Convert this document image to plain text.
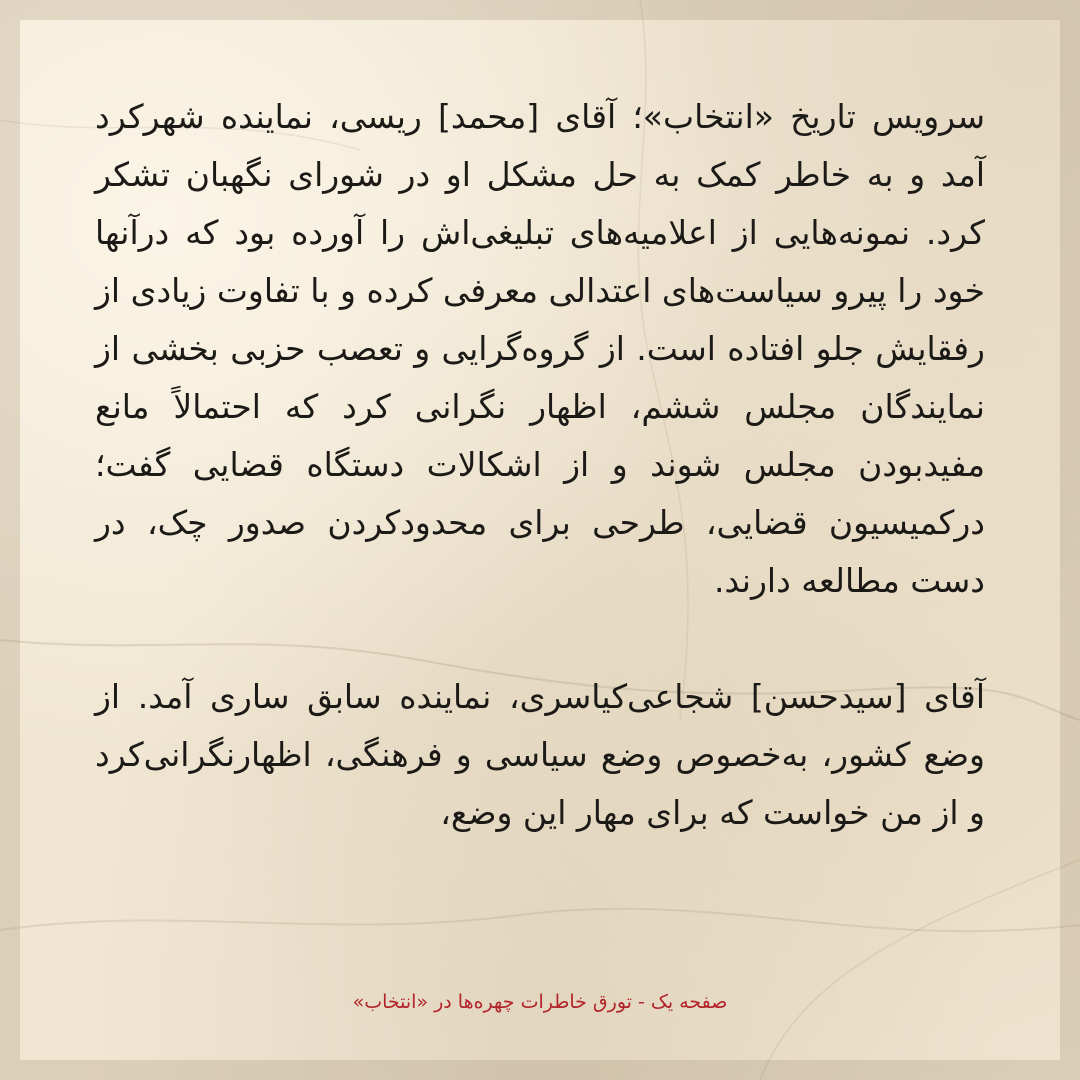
سرویس تاریخ «انتخاب»؛ آقای [محمد] ریسی، نماینده شهرکرد آمد و به خاطر کمک به حل مشکل او در شورای نگهبان تشکر کرد. نمونه‌هایی از اعلامیه‌های تبلیغی‌اش را آورده بود که درآنها خود را پیرو سیاست‌های اعتدالی معرفی کرده و با تفاوت زیادی از رفقایش جلو افتاده است. از گروه‌گرایی و تعصب حزبی بخشی از نمایندگان مجلس ششم، اظهار نگرانی کرد که احتمالاً مانع مفیدبودن مجلس شوند و از اشکالات دستگاه قضایی گفت؛ درکمیسیون قضایی، طرحی برای محدودکردن صدور چک، در دست مطالعه دارند.

آقای [سیدحسن] شجاعی‌کیاسری، نماینده سابق ساری آمد. از وضع کشور، به‌خصوص وضع سیاسی و فرهنگی، اظهارنگرانی‌کرد و از من خواست که برای مهار این وضع،

صفحه یک - تورق خاطرات چهره‌ها در «انتخاب»
